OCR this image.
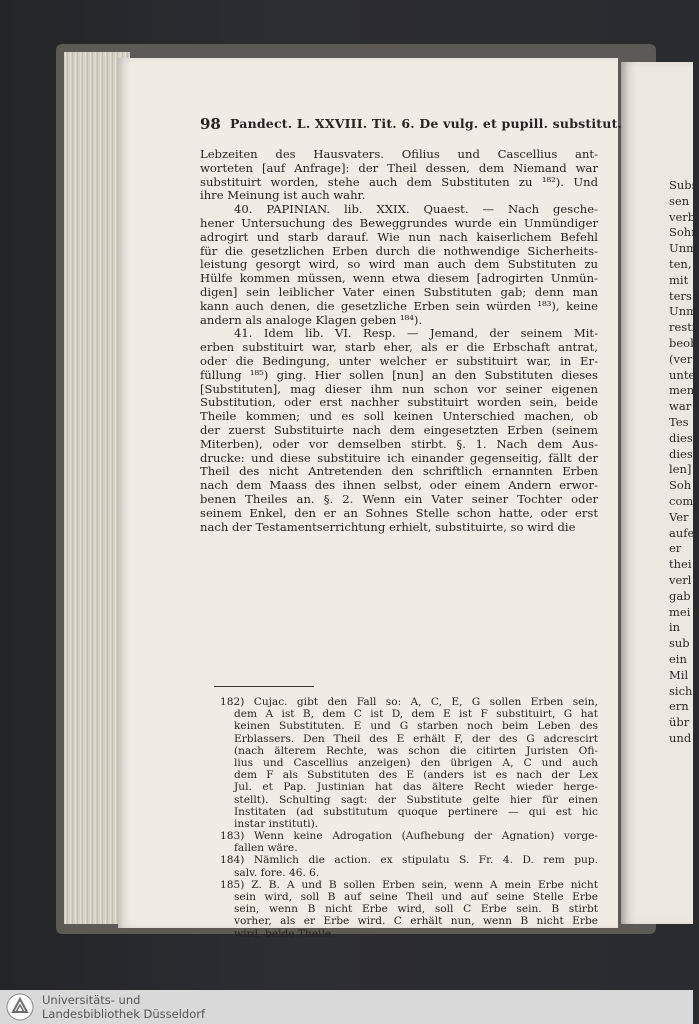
Subs
sen
verb
Sohn
Unm
ten,
mit
ters
Unm
resti
beob
(ver
unte
men
war
Tes
dies
dies
len]
Soh
com
Ver
aufe
er
thei
verl
gab
mei
in
sub
ein
Mil
sich
ern
übr
und
98 Pandect. L. XXVIII. Tit. 6. De vulg. et pupill. substitut.
Lebzeiten des Hausvaters. Ofilius und Cascellius ant-
worteten [auf Anfrage]: der Theil dessen, dem Niemand war
substituirt worden, stehe auch dem Substituten zu ¹⁸²). Und
ihre Meinung ist auch wahr.
40. PAPINIAN. lib. XXIX. Quaest. — Nach gesche-
hener Untersuchung des Beweggrundes wurde ein Unmündiger
adrogirt und starb darauf. Wie nun nach kaiserlichem Befehl
für die gesetzlichen Erben durch die nothwendige Sicherheits-
leistung gesorgt wird, so wird man auch dem Substituten zu
Hülfe kommen müssen, wenn etwa diesem [adrogirten Unmün-
digen] sein leiblicher Vater einen Substituten gab; denn man
kann auch denen, die gesetzliche Erben sein würden ¹⁸³), keine
andern als analoge Klagen geben ¹⁸⁴).
41. Idem lib. VI. Resp. — Jemand, der seinem Mit-
erben substituirt war, starb eher, als er die Erbschaft antrat,
oder die Bedingung, unter welcher er substituirt war, in Er-
füllung ¹⁸⁵) ging. Hier sollen [nun] an den Substituten dieses
[Substituten], mag dieser ihm nun schon vor seiner eigenen
Substitution, oder erst nachher substituirt worden sein, beide
Theile kommen; und es soll keinen Unterschied machen, ob
der zuerst Substituirte nach dem eingesetzten Erben (seinem
Miterben), oder vor demselben stirbt. §. 1. Nach dem Aus-
drucke: und diese substituire ich einander gegenseitig, fällt der
Theil des nicht Antretenden den schriftlich ernannten Erben
nach dem Maass des ihnen selbst, oder einem Andern erwor-
benen Theiles an. §. 2. Wenn ein Vater seiner Tochter oder
seinem Enkel, den er an Sohnes Stelle schon hatte, oder erst
nach der Testamentserrichtung erhielt, substituirte, so wird die
182) Cujac. gibt den Fall so: A, C, E, G sollen Erben sein,
dem A ist B, dem C ist D, dem E ist F substituirt, G hat
keinen Substituten. E und G starben noch beim Leben des
Erblassers. Den Theil des E erhält F, der des G adcrescirt
(nach älterem Rechte, was schon die citirten Juristen Ofi-
lius und Cascellius anzeigen) den übrigen A, C und auch
dem F als Substituten des E (anders ist es nach der Lex
Jul. et Pap. Justinian hat das ältere Recht wieder herge-
stellt). Schulting sagt: der Substitute gelte hier für einen
Institaten (ad substitutum quoque pertinere — qui est hic
instar instituti).
183) Wenn keine Adrogation (Aufhebung der Agnation) vorge-
fallen wäre.
184) Nämlich die action. ex stipulatu S. Fr. 4. D. rem pup.
salv. fore. 46. 6.
185) Z. B. A und B sollen Erben sein, wenn A mein Erbe nicht
sein wird, soll B auf seine Theil und auf seine Stelle Erbe
sein, wenn B nicht Erbe wird, soll C Erbe sein. B stirbt
vorher, als er Erbe wird. C erhält nun, wenn B nicht Erbe
wird, beide Theile.
Universitäts- und
Landesbibliothek Düsseldorf
